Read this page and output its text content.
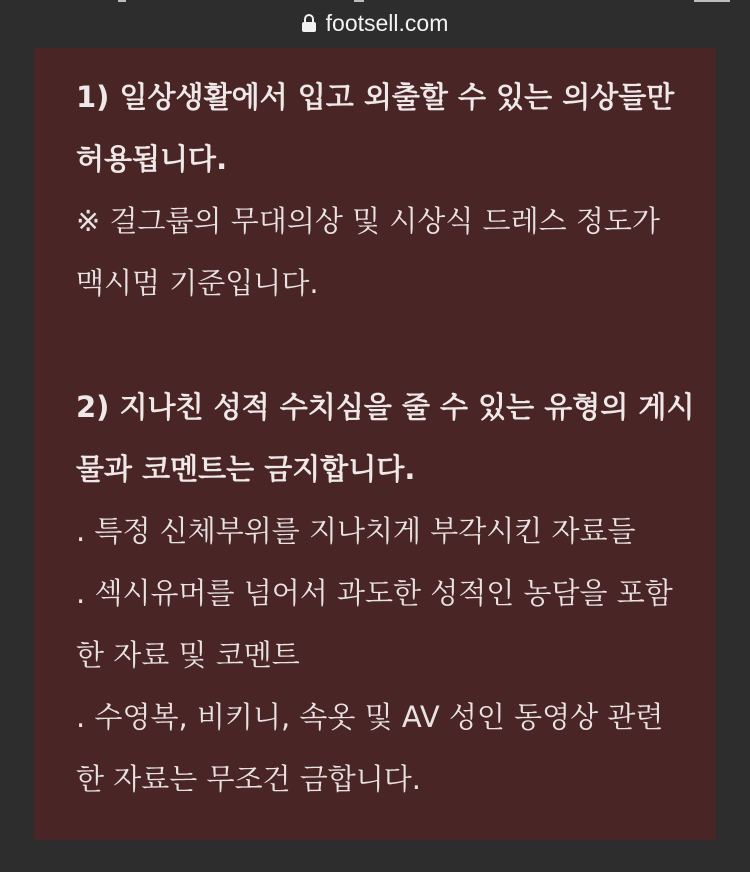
footsell.com
1) 일상생활에서 입고 외출할 수 있는 의상들만
허용됩니다.
※ 걸그룹의 무대의상 및 시상식 드레스 정도가
맥시멈 기준입니다.
2) 지나친 성적 수치심을 줄 수 있는 유형의 게시
물과 코멘트는 금지합니다.
. 특정 신체부위를 지나치게 부각시킨 자료들
. 섹시유머를 넘어서 과도한 성적인 농담을 포함
한 자료 및 코멘트
. 수영복, 비키니, 속옷 및 AV 성인 동영상 관련
한 자료는 무조건 금합니다.
